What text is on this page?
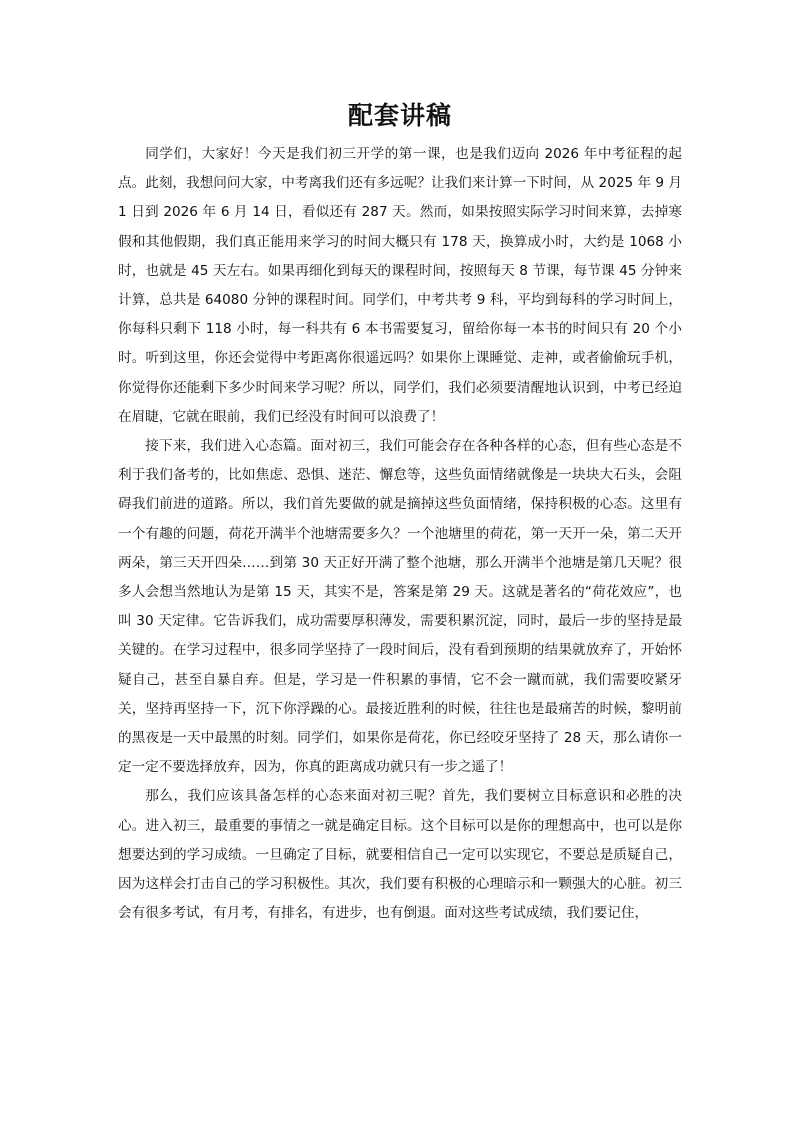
配套讲稿

同学们，大家好！今天是我们初三开学的第一课，也是我们迈向 2026 年中考征程的起点。此刻，我想问问大家，中考离我们还有多远呢？让我们来计算一下时间，从 2025 年 9 月 1 日到 2026 年 6 月 14 日，看似还有 287 天。然而，如果按照实际学习时间来算，去掉寒假和其他假期，我们真正能用来学习的时间大概只有 178 天，换算成小时，大约是 1068 小时，也就是 45 天左右。如果再细化到每天的课程时间，按照每天 8 节课，每节课 45 分钟来计算，总共是 64080 分钟的课程时间。同学们，中考共考 9 科，平均到每科的学习时间上，你每科只剩下 118 小时，每一科共有 6 本书需要复习，留给你每一本书的时间只有 20 个小时。听到这里，你还会觉得中考距离你很遥远吗？如果你上课睡觉、走神，或者偷偷玩手机，你觉得你还能剩下多少时间来学习呢？所以，同学们，我们必须要清醒地认识到，中考已经迫在眉睫，它就在眼前，我们已经没有时间可以浪费了！

接下来，我们进入心态篇。面对初三，我们可能会存在各种各样的心态，但有些心态是不利于我们备考的，比如焦虑、恐惧、迷茫、懈怠等，这些负面情绪就像是一块块大石头，会阻碍我们前进的道路。所以，我们首先要做的就是摘掉这些负面情绪，保持积极的心态。这里有一个有趣的问题，荷花开满半个池塘需要多久？一个池塘里的荷花，第一天开一朵，第二天开两朵，第三天开四朵……到第 30 天正好开满了整个池塘，那么开满半个池塘是第几天呢？很多人会想当然地认为是第 15 天，其实不是，答案是第 29 天。这就是著名的“荷花效应”，也叫 30 天定律。它告诉我们，成功需要厚积薄发，需要积累沉淀，同时，最后一步的坚持是最关键的。在学习过程中，很多同学坚持了一段时间后，没有看到预期的结果就放弃了，开始怀疑自己，甚至自暴自弃。但是，学习是一件积累的事情，它不会一蹴而就，我们需要咬紧牙关，坚持再坚持一下，沉下你浮躁的心。最接近胜利的时候，往往也是最痛苦的时候，黎明前的黑夜是一天中最黑的时刻。同学们，如果你是荷花，你已经咬牙坚持了 28 天，那么请你一定一定不要选择放弃，因为，你真的距离成功就只有一步之遥了！

那么，我们应该具备怎样的心态来面对初三呢？首先，我们要树立目标意识和必胜的决心。进入初三，最重要的事情之一就是确定目标。这个目标可以是你的理想高中，也可以是你想要达到的学习成绩。一旦确定了目标，就要相信自己一定可以实现它，不要总是质疑自己，因为这样会打击自己的学习积极性。其次，我们要有积极的心理暗示和一颗强大的心脏。初三会有很多考试，有月考，有排名，有进步，也有倒退。面对这些考试成绩，我们要记住，
